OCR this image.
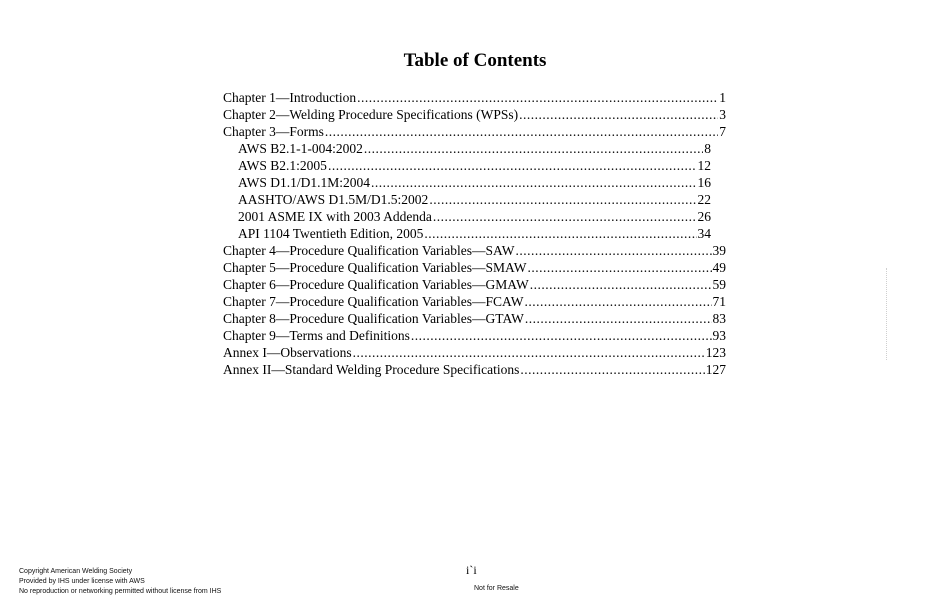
Table of Contents
Chapter 1—Introduction .....	1
Chapter 2—Welding Procedure Specifications (WPSs) .....	3
Chapter 3—Forms .....	7
AWS B2.1-1-004:2002 .....	8
AWS B2.1:2005 .....	12
AWS D1.1/D1.1M:2004 .....	16
AASHTO/AWS D1.5M/D1.5:2002 .....	22
2001 ASME IX with 2003 Addenda .....	26
API 1104 Twentieth Edition, 2005 .....	34
Chapter 4—Procedure Qualification Variables—SAW .....	39
Chapter 5—Procedure Qualification Variables—SMAW .....	49
Chapter 6—Procedure Qualification Variables—GMAW .....	59
Chapter 7—Procedure Qualification Variables—FCAW .....	71
Chapter 8—Procedure Qualification Variables—GTAW .....	83
Chapter 9—Terms and Definitions .....	93
Annex I—Observations .....	123
Annex II—Standard Welding Procedure Specifications .....	127
i`i
Copyright American Welding Society
Provided by IHS under license with AWS
No reproduction or networking permitted without license from IHS	Not for Resale
